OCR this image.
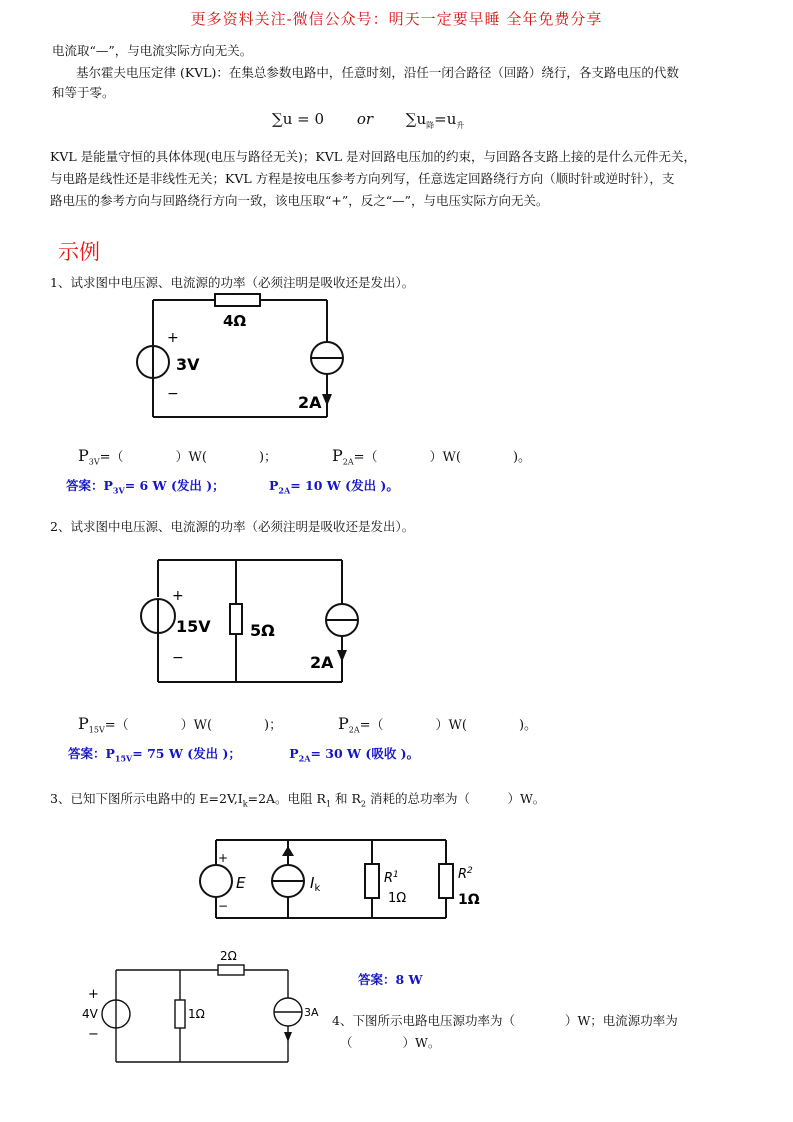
更多资料关注-微信公众号：明天一定要早睡 全年免费分享
电流取“—”，与电流实际方向无关。
基尔霍夫电压定律 (KVL)：在集总参数电路中，任意时刻，沿任一闭合路径（回路）绕行，各支路电压的代数
和等于零。
∑u = 0 or $\sum u_降=u_升$
KVL 是能量守恒的具体体现(电压与路径无关)；KVL 是对回路电压加的约束，与回路各支路上接的是什么元件无关，
与电路是线性还是非线性无关；KVL 方程是按电压参考方向列写，任意选定回路绕行方向（顺时针或逆时针），支
路电压的参考方向与回路绕行方向一致，该电压取“+”，反之“—”，与电压实际方向无关。
示例
1、试求图中电压源、电流源的功率（必须注明是吸收还是发出）。
4Ω
3V
+
−	2A
$P_{3V}=$（　　　　）W(　　　　)；	$P_{2A}=$（　　　　）W(　　　　)。
答案：$P_{3V}= 6$ W (发出 )；	$P_{2A}= 10$ W (发出 )。
2、试求图中电压源、电流源的功率（必须注明是吸收还是发出）。
15V
+
−
5Ω
2A
$P_{15V}=$（　　　　）W(　　　　)；	$P_{2A}=$（　　　　）W(　　　　)。
答案：$P_{15V}= 75$ W (发出 )；	$P_{2A}= 30$ W (吸收 )。
3、已知下图所示电路中的 $E=2V,I_k=2A$。电阻 $R_1$ 和 $R_2$ 消耗的总功率为（　　　）W。
+
−
E	$I_k$
$R^1$
1Ω
$R^2$
1Ω
答案：8 W
2Ω
1Ω
+
4V
−
3A
4、下图所示电路电压源功率为（　　　　）W；电流源功率为
（　　　　）W。
